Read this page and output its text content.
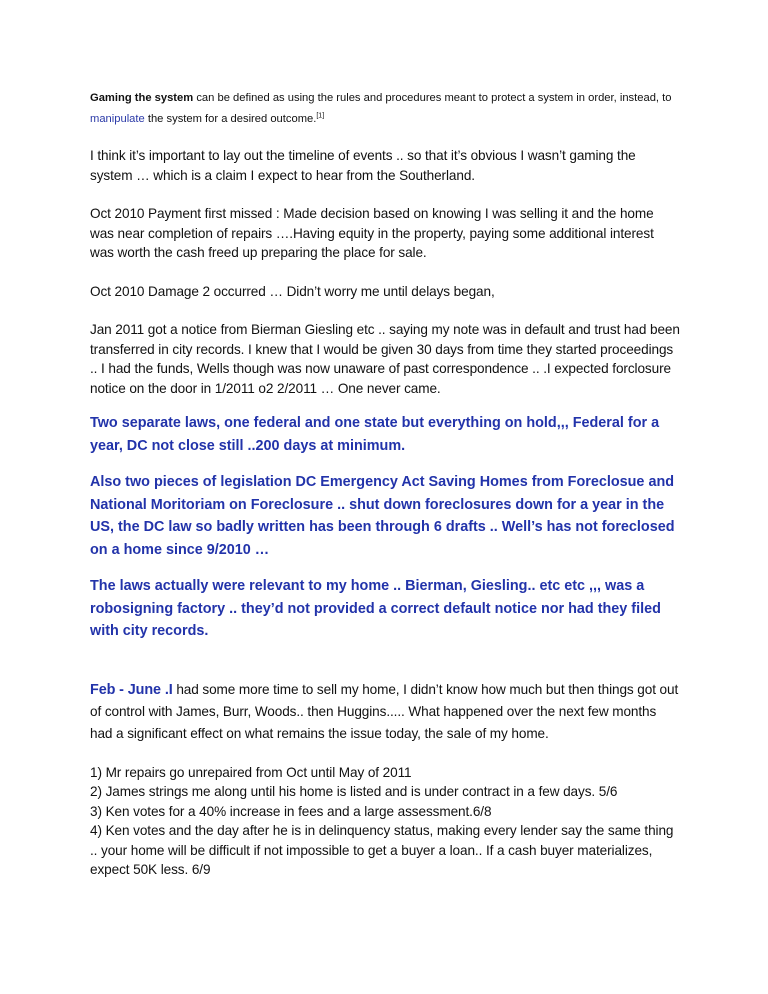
Gaming the system can be defined as using the rules and procedures meant to protect a system in order, instead, to manipulate the system for a desired outcome.[1]

I think it’s important to lay out the timeline of events .. so that it’s obvious I wasn’t gaming the system … which is a claim I expect to hear from the Southerland.

Oct 2010 Payment first missed : Made decision based on knowing I was selling it and the home was near completion of repairs ….Having equity in the property, paying some additional interest was worth the cash freed up preparing the place for sale.

Oct 2010 Damage 2 occurred … Didn’t worry me until delays began,

Jan 2011 got a notice from Bierman Giesling etc .. saying my note was in default and trust had been transferred in city records. I knew that I would be given 30 days from time they started proceedings .. I had the funds, Wells though was now unaware of past correspondence .. .I expected forclosure notice on the door in 1/2011 o2 2/2011 … One never came.

Two separate laws, one federal and one state but everything on hold,,, Federal for a year, DC not close still ..200 days at minimum.

Also two pieces of legislation DC Emergency Act Saving Homes from Foreclosue and National Moritoriam on Foreclosure .. shut down foreclosures down for a year in the US, the DC law so badly written has been through 6 drafts .. Well’s has not foreclosed on a home since 9/2010 …

The laws actually were relevant to my home .. Bierman, Giesling.. etc etc ,,, was a robosigning factory .. they’d not provided a correct default notice nor had they filed with city records.

Feb - June .I had some more time to sell my home, I didn’t know how much but then things got out of control with James, Burr, Woods.. then Huggins..... What happened over the next few months had a significant effect on what remains the issue today, the sale of my home.

1) Mr repairs go unrepaired from Oct until May of 2011
2) James strings me along until his home is listed and is under contract in a few days. 5/6
3) Ken votes for a 40% increase in fees and a large assessment.6/8
4) Ken votes and the day after he is in delinquency status, making every lender say the same thing .. your home will be difficult if not impossible to get a buyer a loan.. If a cash buyer materializes, expect 50K less. 6/9
